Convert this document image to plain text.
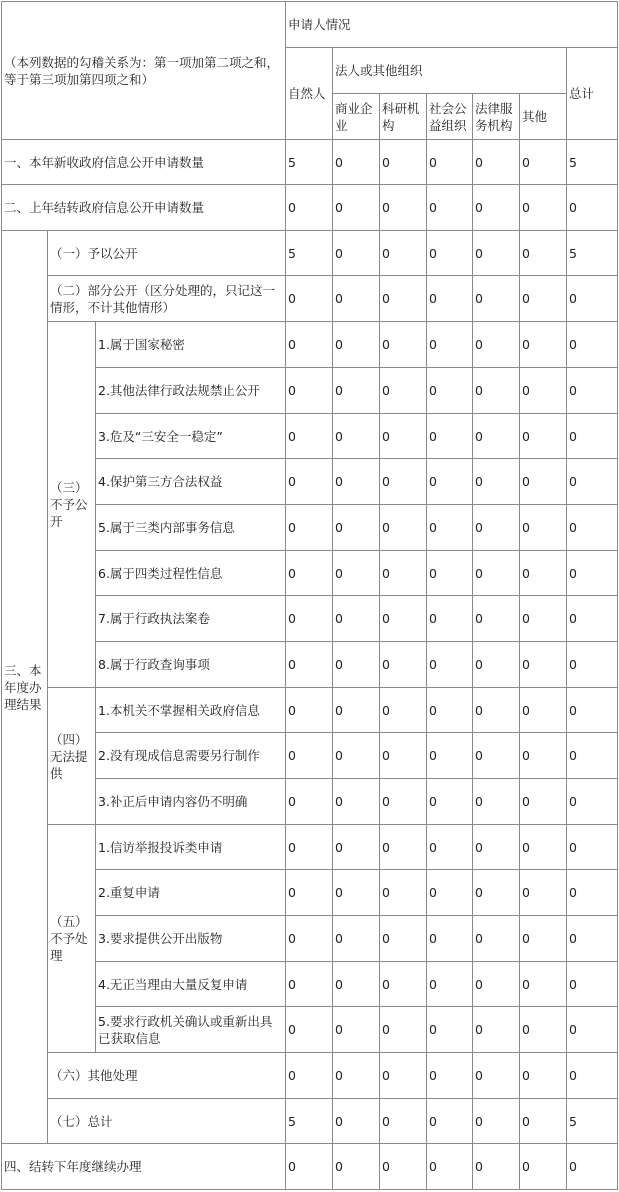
（本列数据的勾稽关系为：第一项加第二项之和，等于第三项加第四项之和）			申请人情况						
			自然人	法人或其他组织					总计
				商业企业	科研机构	社会公益组织	法律服务机构	其他	
一、本年新收政府信息公开申请数量			5	0	0	0	0	0	5
二、上年结转政府信息公开申请数量			0	0	0	0	0	0	0
三、本年度办理结果	（一）予以公开		5	0	0	0	0	0	5
	（二）部分公开（区分处理的，只记这一情形，不计其他情形）		0	0	0	0	0	0	0
	（三）不予公开	1.属于国家秘密	0	0	0	0	0	0	0
		2.其他法律行政法规禁止公开	0	0	0	0	0	0	0
		3.危及“三安全一稳定”	0	0	0	0	0	0	0
		4.保护第三方合法权益	0	0	0	0	0	0	0
		5.属于三类内部事务信息	0	0	0	0	0	0	0
		6.属于四类过程性信息	0	0	0	0	0	0	0
		7.属于行政执法案卷	0	0	0	0	0	0	0
		8.属于行政查询事项	0	0	0	0	0	0	0
	（四）无法提供	1.本机关不掌握相关政府信息	0	0	0	0	0	0	0
		2.没有现成信息需要另行制作	0	0	0	0	0	0	0
		3.补正后申请内容仍不明确	0	0	0	0	0	0	0
	（五）不予处理	1.信访举报投诉类申请	0	0	0	0	0	0	0
		2.重复申请	0	0	0	0	0	0	0
		3.要求提供公开出版物	0	0	0	0	0	0	0
		4.无正当理由大量反复申请	0	0	0	0	0	0	0
		5.要求行政机关确认或重新出具已获取信息	0	0	0	0	0	0	0
	（六）其他处理		0	0	0	0	0	0	0
	（七）总计		5	0	0	0	0	0	5
四、结转下年度继续办理			0	0	0	0	0	0	0
